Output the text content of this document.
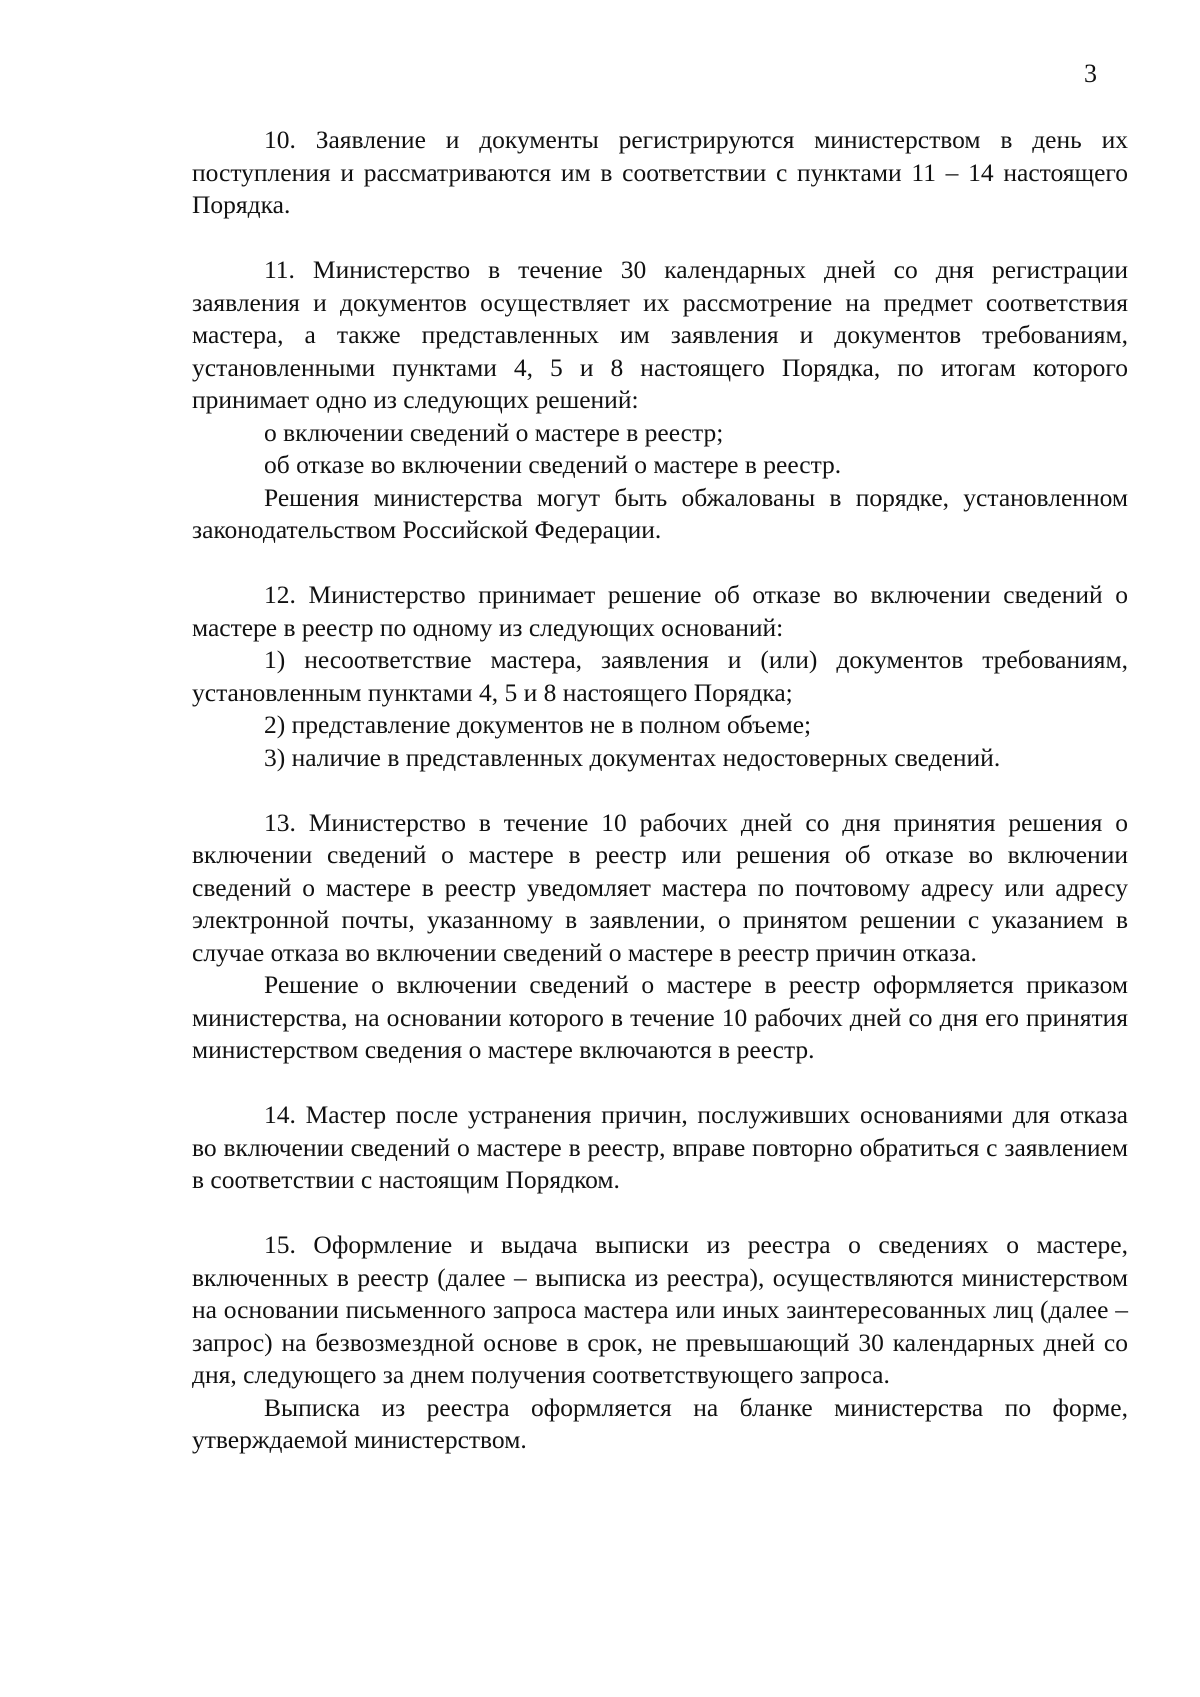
3

10. Заявление и документы регистрируются министерством в день их поступления и рассматриваются им в соответствии с пунктами 11 – 14 настоящего Порядка.

11. Министерство в течение 30 календарных дней со дня регистрации заявления и документов осуществляет их рассмотрение на предмет соответствия мастера, а также представленных им заявления и документов требованиям, установленными пунктами 4, 5 и 8 настоящего Порядка, по итогам которого принимает одно из следующих решений:

о включении сведений о мастере в реестр;

об отказе во включении сведений о мастере в реестр.

Решения министерства могут быть обжалованы в порядке, установленном законодательством Российской Федерации.

12. Министерство принимает решение об отказе во включении сведений о мастере в реестр по одному из следующих оснований:

1) несоответствие мастера, заявления и (или) документов требованиям, установленным пунктами 4, 5 и 8 настоящего Порядка;

2) представление документов не в полном объеме;

3) наличие в представленных документах недостоверных сведений.

13. Министерство в течение 10 рабочих дней со дня принятия решения о включении сведений о мастере в реестр или решения об отказе во включении сведений о мастере в реестр уведомляет мастера по почтовому адресу или адресу электронной почты, указанному в заявлении, о принятом решении с указанием в случае отказа во включении сведений о мастере в реестр причин отказа.

Решение о включении сведений о мастере в реестр оформляется приказом министерства, на основании которого в течение 10 рабочих дней со дня его принятия министерством сведения о мастере включаются в реестр.

14. Мастер после устранения причин, послуживших основаниями для отказа во включении сведений о мастере в реестр, вправе повторно обратиться с заявлением в соответствии с настоящим Порядком.

15. Оформление и выдача выписки из реестра о сведениях о мастере, включенных в реестр (далее – выписка из реестра), осуществляются министерством на основании письменного запроса мастера или иных заинтересованных лиц (далее – запрос) на безвозмездной основе в срок, не превышающий 30 календарных дней со дня, следующего за днем получения соответствующего запроса.

Выписка из реестра оформляется на бланке министерства по форме, утверждаемой министерством.
